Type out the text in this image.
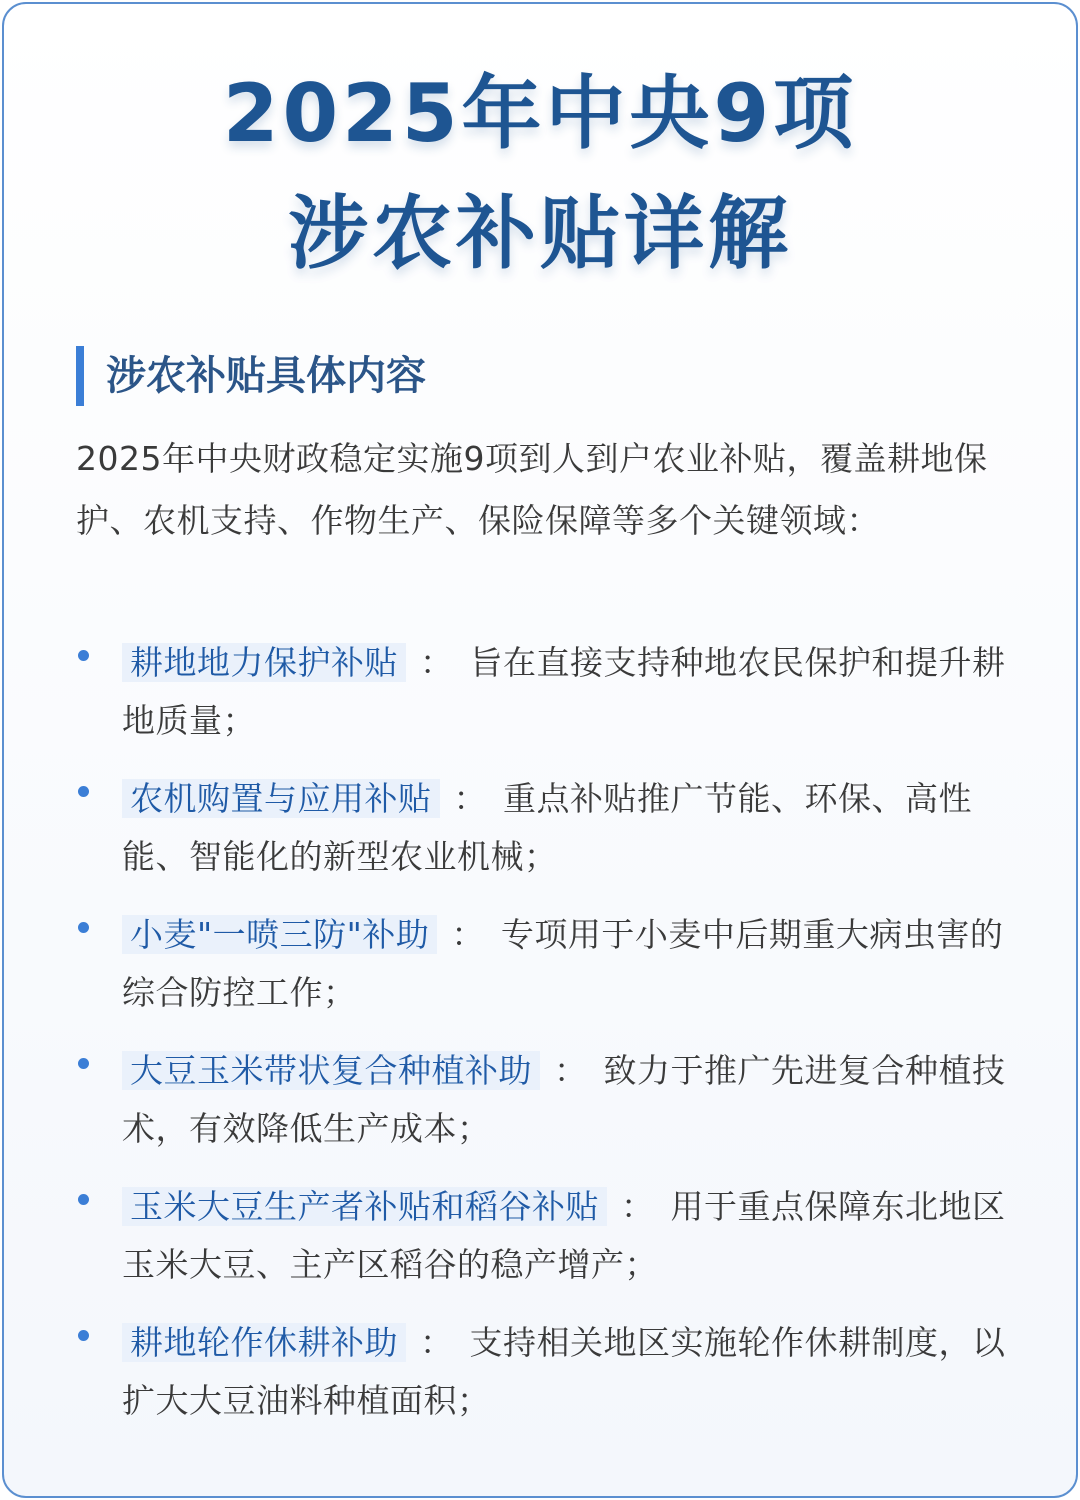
2025年中央9项
涉农补贴详解
涉农补贴具体内容
2025年中央财政稳定实施9项到人到户农业补贴，覆盖耕地保护、农机支持、作物生产、保险保障等多个关键领域：
耕地地力保护补贴 ： 旨在直接支持种地农民保护和提升耕地质量；
农机购置与应用补贴 ： 重点补贴推广节能、环保、高性能、智能化的新型农业机械；
小麦"一喷三防"补助 ： 专项用于小麦中后期重大病虫害的综合防控工作；
大豆玉米带状复合种植补助 ： 致力于推广先进复合种植技术，有效降低生产成本；
玉米大豆生产者补贴和稻谷补贴 ： 用于重点保障东北地区玉米大豆、主产区稻谷的稳产增产；
耕地轮作休耕补助 ： 支持相关地区实施轮作休耕制度，以扩大大豆油料种植面积；
